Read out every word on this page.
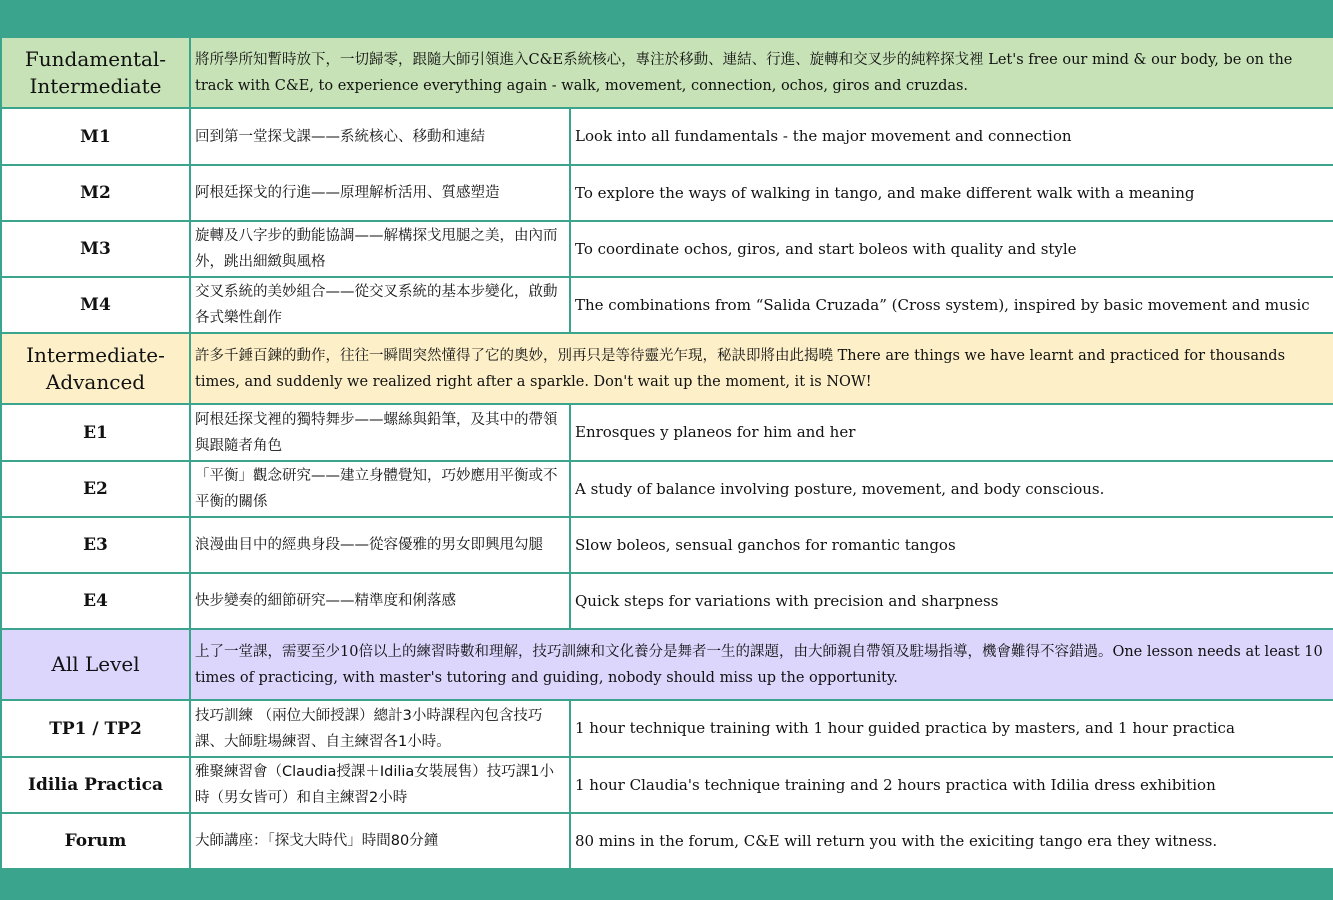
Fundamental-
Intermediate	將所學所知暫時放下，一切歸零，跟隨大師引領進入C&E系統核心，專注於移動、連結、行進、旋轉和交叉步的純粹探戈裡 Let's free our mind & our body, be on the track with C&E, to experience everything again - walk, movement, connection, ochos, giros and cruzdas.	
M1	回到第一堂探戈課——系統核心、移動和連結	Look into all fundamentals - the major movement and connection
M2	阿根廷探戈的行進——原理解析活用、質感塑造	To explore the ways of walking in tango, and make different walk with a meaning
M3	旋轉及八字步的動能協調——解構探戈甩腿之美，由內而外，跳出細緻與風格	To coordinate ochos, giros, and start boleos with quality and style
M4	交叉系統的美妙組合——從交叉系統的基本步變化，啟動各式樂性創作	The combinations from “Salida Cruzada” (Cross system), inspired by basic movement and music

Intermediate-
Advanced	許多千錘百鍊的動作，往往一瞬間突然懂得了它的奧妙，別再只是等待靈光乍現，秘訣即將由此揭曉 There are things we have learnt and practiced for thousands times, and suddenly we realized right after a sparkle. Don't wait up the moment, it is NOW!	
E1	阿根廷探戈裡的獨特舞步——螺絲與鉛筆，及其中的帶領與跟隨者角色	Enrosques y planeos for him and her
E2	「平衡」觀念研究——建立身體覺知，巧妙應用平衡或不平衡的關係	A study of balance involving posture, movement, and body conscious.
E3	浪漫曲目中的經典身段——從容優雅的男女即興甩勾腿	Slow boleos, sensual ganchos for romantic tangos
E4	快步變奏的細節研究——精準度和俐落感	Quick steps for variations with precision and sharpness

All Level	上了一堂課，需要至少10倍以上的練習時數和理解，技巧訓練和文化養分是舞者一生的課題，由大師親自帶領及駐場指導，機會難得不容錯過。One lesson needs at least 10 times of practicing, with master's tutoring and guiding, nobody should miss up the opportunity.	
TP1 / TP2	技巧訓練 （兩位大師授課）總計3小時課程內包含技巧課、大師駐場練習、自主練習各1小時。	1 hour technique training with 1 hour guided practica by masters, and 1 hour practica
Idilia Practica	雅聚練習會（Claudia授課＋Idilia女裝展售）技巧課1小時（男女皆可）和自主練習2小時	1 hour Claudia's technique training and 2 hours practica with Idilia dress exhibition
Forum	大師講座：「探戈大時代」時間80分鐘	80 mins in the forum, C&E will return you with the exiciting tango era they witness.
